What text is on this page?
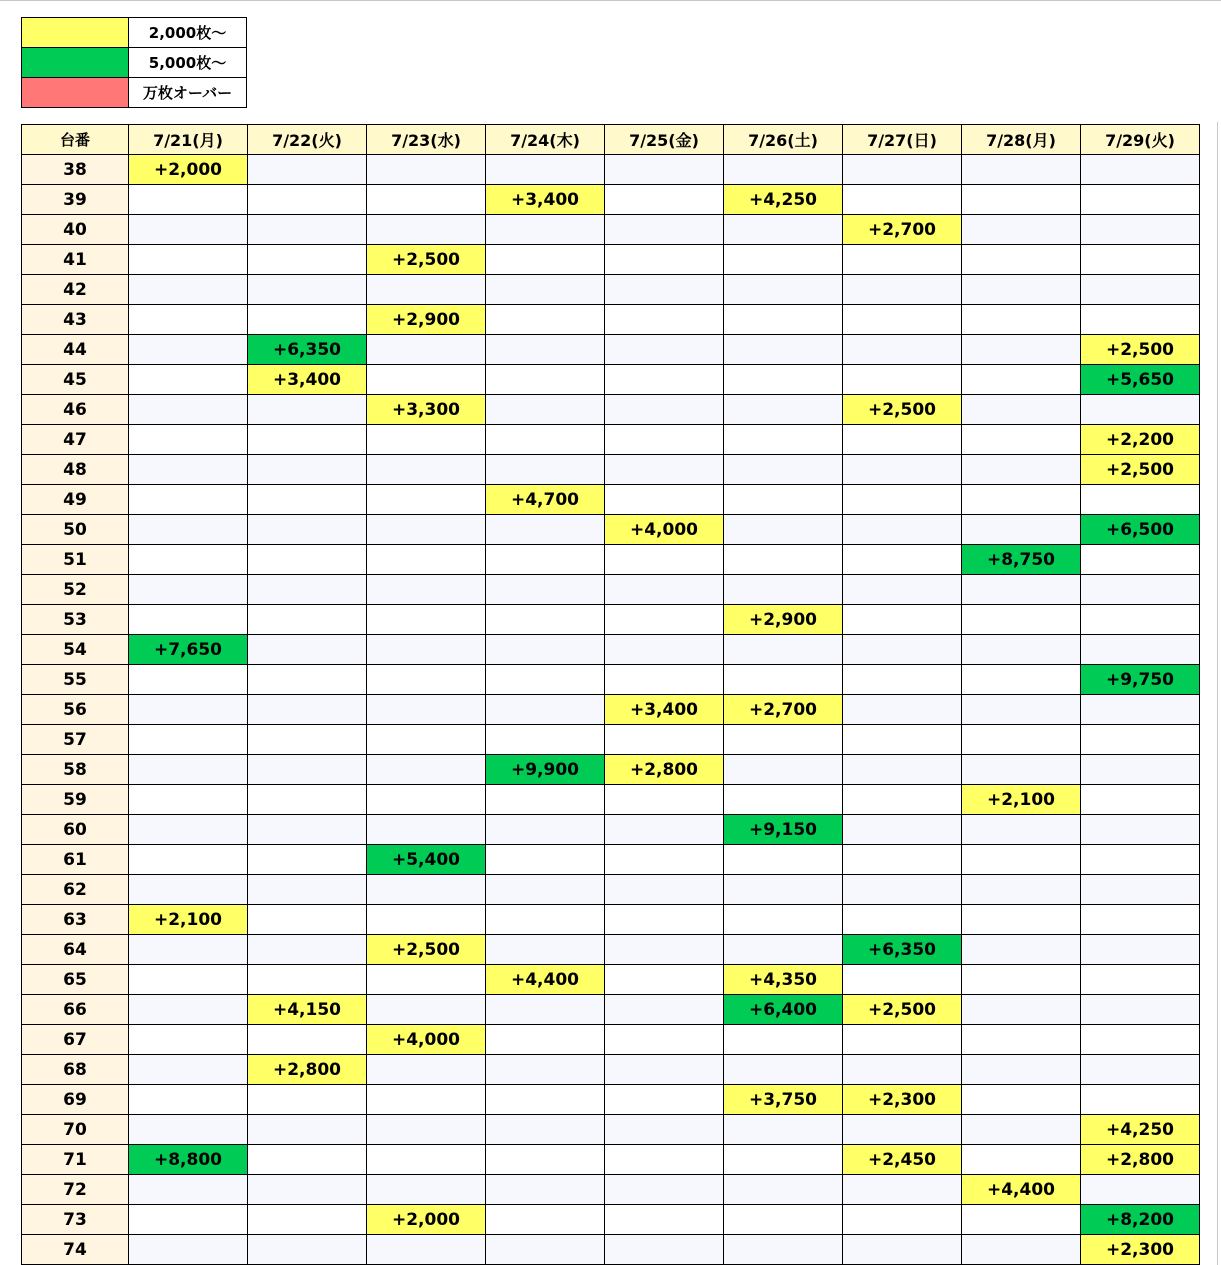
	2,000枚～
	5,000枚～
	万枚オーバー
台番	7/21(月)	7/22(火)	7/23(水)	7/24(木)	7/25(金)	7/26(土)	7/27(日)	7/28(月)	7/29(火)
38	+2,000								
39				+3,400		+4,250			
40							+2,700		
41			+2,500						
42									
43			+2,900						
44		+6,350							+2,500
45		+3,400							+5,650
46			+3,300				+2,500		
47									+2,200
48									+2,500
49				+4,700					
50					+4,000				+6,500
51								+8,750	
52									
53						+2,900			
54	+7,650								
55									+9,750
56					+3,400	+2,700			
57									
58				+9,900	+2,800				
59								+2,100	
60						+9,150			
61			+5,400						
62									
63	+2,100								
64			+2,500				+6,350		
65				+4,400		+4,350			
66		+4,150				+6,400	+2,500		
67			+4,000						
68		+2,800							
69						+3,750	+2,300		
70									+4,250
71	+8,800						+2,450		+2,800
72								+4,400	
73			+2,000						+8,200
74									+2,300
